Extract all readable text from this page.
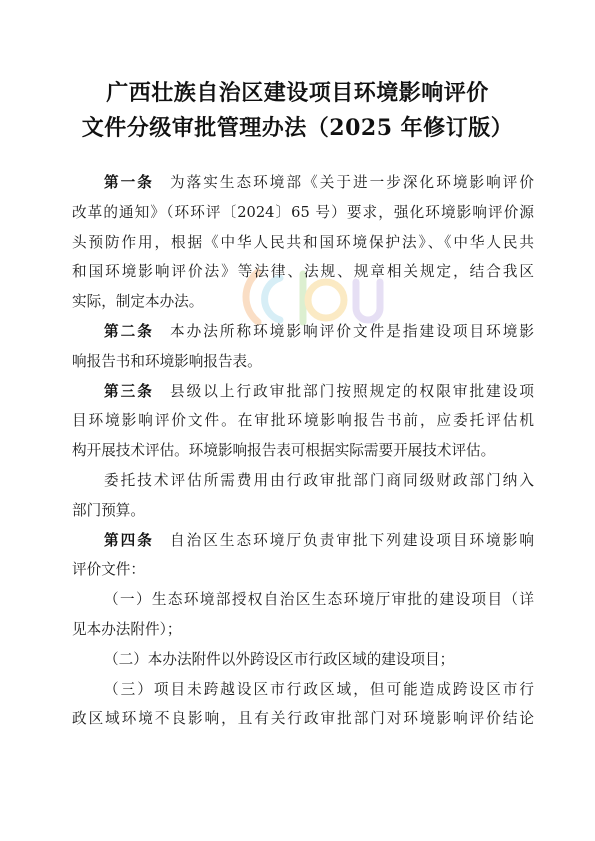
广西壮族自治区建设项目环境影响评价
文件分级审批管理办法（2025 年修订版）
第一条 为落实生态环境部《关于进一步深化环境影响评价
改革的通知》（环环评〔2024〕65 号）要求，强化环境影响评价源
头预防作用，根据《中华人民共和国环境保护法》、《中华人民共
和国环境影响评价法》等法律、法规、规章相关规定，结合我区
实际，制定本办法。
第二条 本办法所称环境影响评价文件是指建设项目环境影
响报告书和环境影响报告表。
第三条 县级以上行政审批部门按照规定的权限审批建设项
目环境影响评价文件。在审批环境影响报告书前，应委托评估机
构开展技术评估。环境影响报告表可根据实际需要开展技术评估。
委托技术评估所需费用由行政审批部门商同级财政部门纳入
部门预算。
第四条 自治区生态环境厅负责审批下列建设项目环境影响
评价文件：
（一）生态环境部授权自治区生态环境厅审批的建设项目（详
见本办法附件）；
（二）本办法附件以外跨设区市行政区域的建设项目；
（三）项目未跨越设区市行政区域，但可能造成跨设区市行
政区域环境不良影响，且有关行政审批部门对环境影响评价结论
